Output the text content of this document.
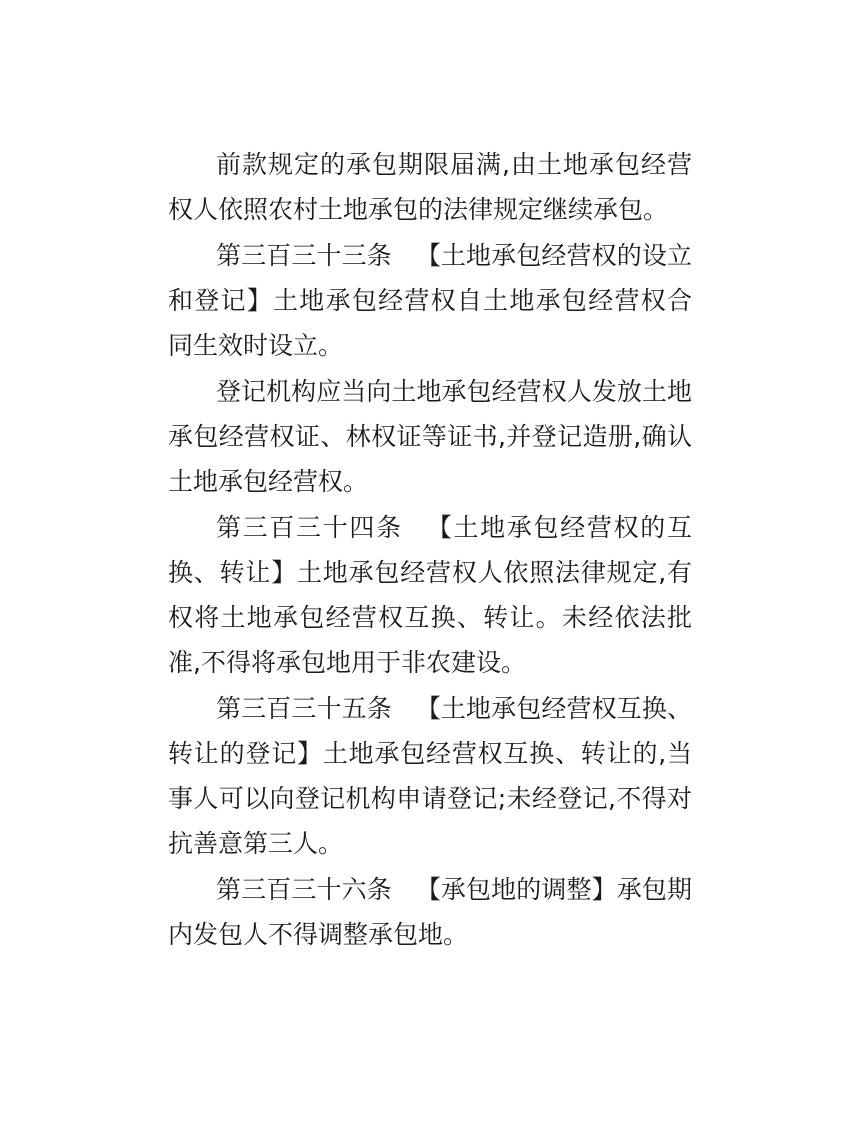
前款规定的承包期限届满,由土地承包经营权人依照农村土地承包的法律规定继续承包。

第三百三十三条 【土地承包经营权的设立和登记】土地承包经营权自土地承包经营权合同生效时设立。

登记机构应当向土地承包经营权人发放土地承包经营权证、林权证等证书,并登记造册,确认土地承包经营权。

第三百三十四条 【土地承包经营权的互换、转让】土地承包经营权人依照法律规定,有权将土地承包经营权互换、转让。未经依法批准,不得将承包地用于非农建设。

第三百三十五条 【土地承包经营权互换、转让的登记】土地承包经营权互换、转让的,当事人可以向登记机构申请登记;未经登记,不得对抗善意第三人。

第三百三十六条 【承包地的调整】承包期内发包人不得调整承包地。
